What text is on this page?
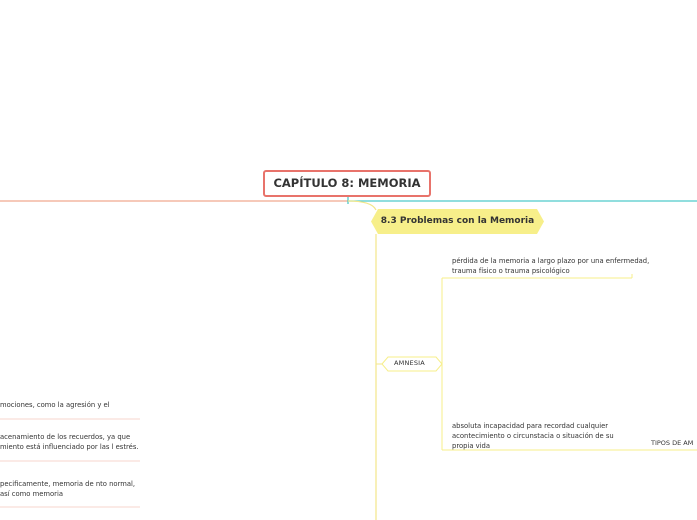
CAPÍTULO 8: MEMORIA
8.3 Problemas con la Memoria
pérdida de la memoria a largo plazo por una enfermedad, trauma físico o trauma psicológico
AMNESIA
absoluta incapacidad para recordad cualquier acontecimiento o circunstacia o situación de su propia vida	TIPOS DE AM
mociones, como la agresión y el
acenamiento de los recuerdos, ya que miento está influenciado por las l estrés.
pecificamente, memoria de nto normal, así como memoria
